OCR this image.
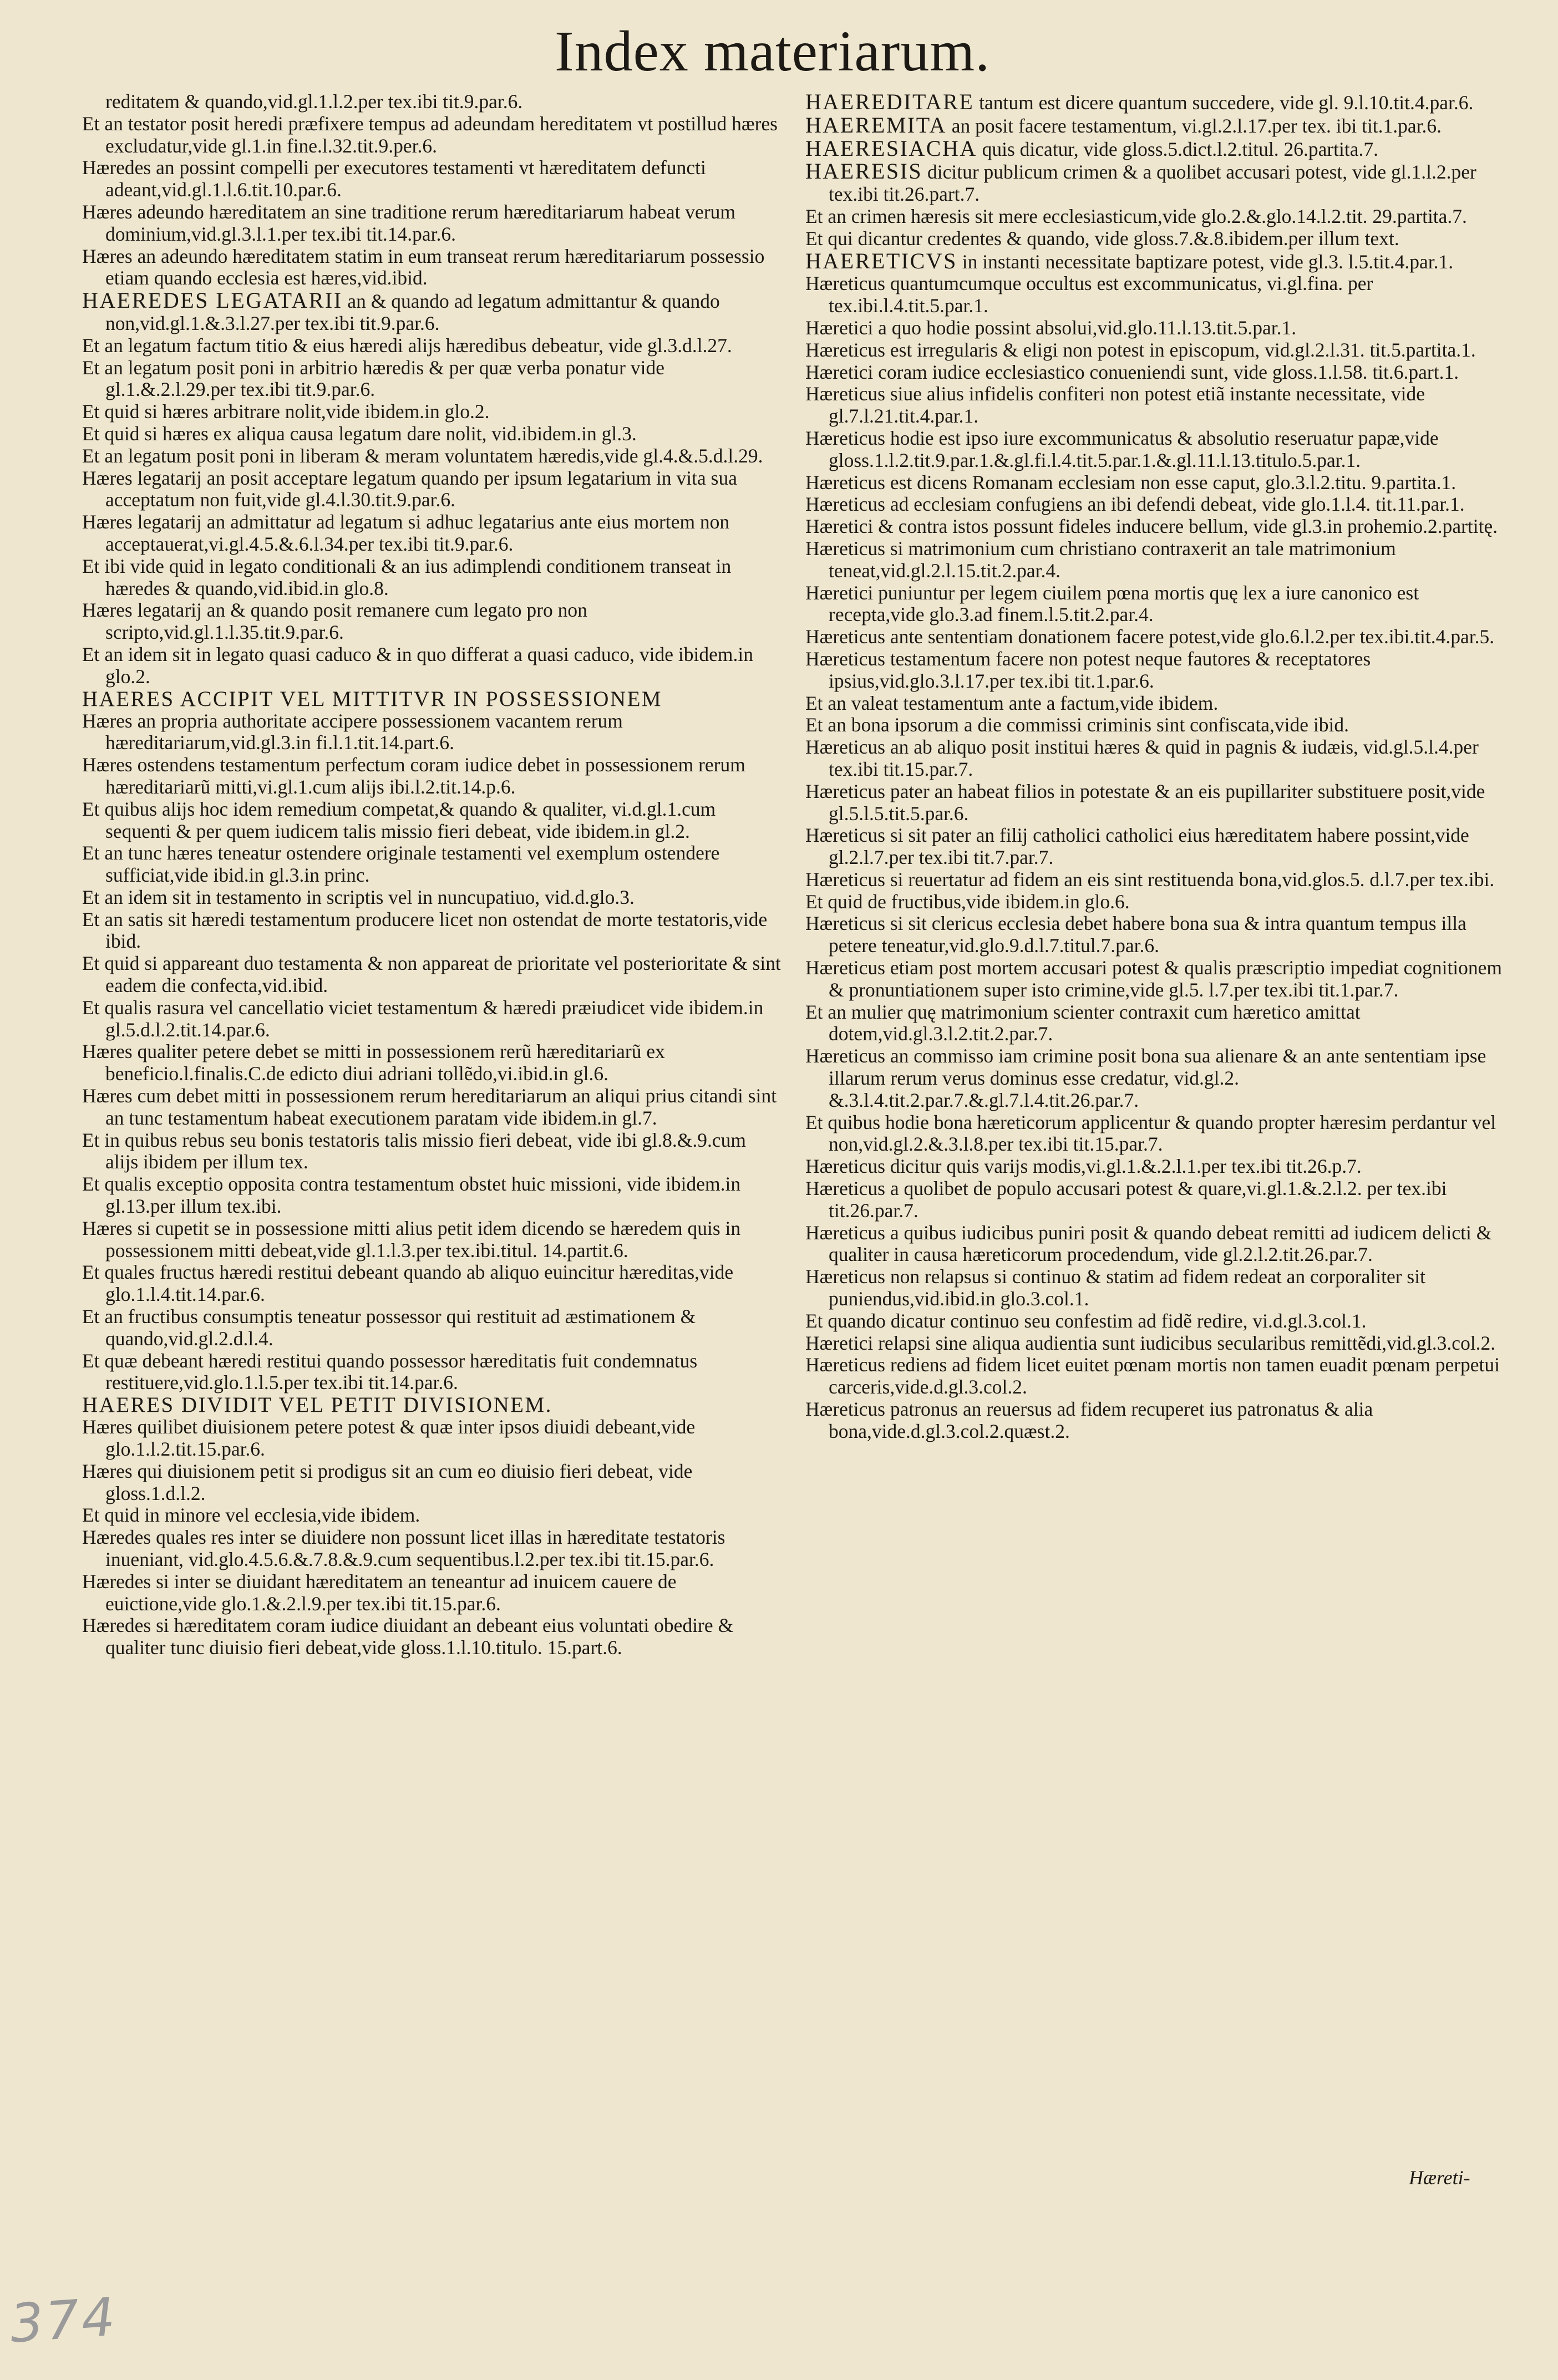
Index materiarum.
reditatem & quando,vid.gl.1.l.2.per tex.ibi tit.9.par.6.
Et an testator posit heredi præfixere tempus ad adeundam hereditatem vt postillud hæres excludatur,vide gl.1.in fine.l.32.tit.9.per.6.
Hæredes an possint compelli per executores testamenti vt hæreditatem defuncti adeant,vid.gl.1.l.6.tit.10.par.6.
Hæres adeundo hæreditatem an sine traditione rerum hæreditariarum habeat verum dominium,vid.gl.3.l.1.per tex.ibi tit.14.par.6.
Hæres an adeundo hæreditatem statim in eum transeat rerum hæreditariarum possessio etiam quando ecclesia est hæres,vid.ibid.
HAEREDES LEGATARII an & quando ad legatum admittantur & quando non,vid.gl.1.&.3.l.27.per tex.ibi tit.9.par.6.
Et an legatum factum titio & eius hæredi alijs hæredibus debeatur, vide gl.3.d.l.27.
Et an legatum posit poni in arbitrio hæredis & per quæ verba ponatur vide gl.1.&.2.l.29.per tex.ibi tit.9.par.6.
Et quid si hæres arbitrare nolit,vide ibidem.in glo.2.
Et quid si hæres ex aliqua causa legatum dare nolit, vid.ibidem.in gl.3.
Et an legatum posit poni in liberam & meram voluntatem hæredis,vide gl.4.&.5.d.l.29.
Hæres legatarij an posit acceptare legatum quando per ipsum legatarium in vita sua acceptatum non fuit,vide gl.4.l.30.tit.9.par.6.
Hæres legatarij an admittatur ad legatum si adhuc legatarius ante eius mortem non acceptauerat,vi.gl.4.5.&.6.l.34.per tex.ibi tit.9.par.6.
Et ibi vide quid in legato conditionali & an ius adimplendi conditionem transeat in hæredes & quando,vid.ibid.in glo.8.
Hæres legatarij an & quando posit remanere cum legato pro non scripto,vid.gl.1.l.35.tit.9.par.6.
Et an idem sit in legato quasi caduco & in quo differat a quasi caduco, vide ibidem.in glo.2.
HAERES ACCIPIT VEL MITTITVR IN POSSESSIONEM
Hæres an propria authoritate accipere possessionem vacantem rerum hæreditariarum,vid.gl.3.in fi.l.1.tit.14.part.6.
Hæres ostendens testamentum perfectum coram iudice debet in possessionem rerum hæreditariarũ mitti,vi.gl.1.cum alijs ibi.l.2.tit.14.p.6.
Et quibus alijs hoc idem remedium competat,& quando & qualiter, vi.d.gl.1.cum sequenti & per quem iudicem talis missio fieri debeat, vide ibidem.in gl.2.
Et an tunc hæres teneatur ostendere originale testamenti vel exemplum ostendere sufficiat,vide ibid.in gl.3.in princ.
Et an idem sit in testamento in scriptis vel in nuncupatiuo, vid.d.glo.3.
Et an satis sit hæredi testamentum producere licet non ostendat de morte testatoris,vide ibid.
Et quid si appareant duo testamenta & non appareat de prioritate vel posterioritate & sint eadem die confecta,vid.ibid.
Et qualis rasura vel cancellatio viciet testamentum & hæredi præiudicet vide ibidem.in gl.5.d.l.2.tit.14.par.6.
Hæres qualiter petere debet se mitti in possessionem rerũ hæreditariarũ ex beneficio.l.finalis.C.de edicto diui adriani tollẽdo,vi.ibid.in gl.6.
Hæres cum debet mitti in possessionem rerum hereditariarum an aliqui prius citandi sint an tunc testamentum habeat executionem paratam vide ibidem.in gl.7.
Et in quibus rebus seu bonis testatoris talis missio fieri debeat, vide ibi gl.8.&.9.cum alijs ibidem per illum tex.
Et qualis exceptio opposita contra testamentum obstet huic missioni, vide ibidem.in gl.13.per illum tex.ibi.
Hæres si cupetit se in possessione mitti alius petit idem dicendo se hæredem quis in possessionem mitti debeat,vide gl.1.l.3.per tex.ibi.titul. 14.partit.6.
Et quales fructus hæredi restitui debeant quando ab aliquo euincitur hæreditas,vide glo.1.l.4.tit.14.par.6.
Et an fructibus consumptis teneatur possessor qui restituit ad æstimationem & quando,vid.gl.2.d.l.4.
Et quæ debeant hæredi restitui quando possessor hæreditatis fuit condemnatus restituere,vid.glo.1.l.5.per tex.ibi tit.14.par.6.
HAERES DIVIDIT VEL PETIT DIVISIONEM.
Hæres quilibet diuisionem petere potest & quæ inter ipsos diuidi debeant,vide glo.1.l.2.tit.15.par.6.
Hæres qui diuisionem petit si prodigus sit an cum eo diuisio fieri debeat, vide gloss.1.d.l.2.
Et quid in minore vel ecclesia,vide ibidem.
Hæredes quales res inter se diuidere non possunt licet illas in hæreditate testatoris inueniant, vid.glo.4.5.6.&.7.8.&.9.cum sequentibus.l.2.per tex.ibi tit.15.par.6.
Hæredes si inter se diuidant hæreditatem an teneantur ad inuicem cauere de euictione,vide glo.1.&.2.l.9.per tex.ibi tit.15.par.6.
Hæredes si hæreditatem coram iudice diuidant an debeant eius voluntati obedire & qualiter tunc diuisio fieri debeat,vide gloss.1.l.10.titulo. 15.part.6.
HAEREDITARE tantum est dicere quantum succedere, vide gl. 9.l.10.tit.4.par.6.
HAEREMITA an posit facere testamentum, vi.gl.2.l.17.per tex. ibi tit.1.par.6.
HAERESIACHA quis dicatur, vide gloss.5.dict.l.2.titul. 26.partita.7.
HAERESIS dicitur publicum crimen & a quolibet accusari potest, vide gl.1.l.2.per tex.ibi tit.26.part.7.
Et an crimen hæresis sit mere ecclesiasticum,vide glo.2.&.glo.14.l.2.tit. 29.partita.7.
Et qui dicantur credentes & quando, vide gloss.7.&.8.ibidem.per illum text.
HAERETICVS in instanti necessitate baptizare potest, vide gl.3. l.5.tit.4.par.1.
Hæreticus quantumcumque occultus est excommunicatus, vi.gl.fina. per tex.ibi.l.4.tit.5.par.1.
Hæretici a quo hodie possint absolui,vid.glo.11.l.13.tit.5.par.1.
Hæreticus est irregularis & eligi non potest in episcopum, vid.gl.2.l.31. tit.5.partita.1.
Hæretici coram iudice ecclesiastico conueniendi sunt, vide gloss.1.l.58. tit.6.part.1.
Hæreticus siue alius infidelis confiteri non potest etiã instante necessitate, vide gl.7.l.21.tit.4.par.1.
Hæreticus hodie est ipso iure excommunicatus & absolutio reseruatur papæ,vide gloss.1.l.2.tit.9.par.1.&.gl.fi.l.4.tit.5.par.1.&.gl.11.l.13.titulo.5.par.1.
Hæreticus est dicens Romanam ecclesiam non esse caput, glo.3.l.2.titu. 9.partita.1.
Hæreticus ad ecclesiam confugiens an ibi defendi debeat, vide glo.1.l.4. tit.11.par.1.
Hæretici & contra istos possunt fideles inducere bellum, vide gl.3.in prohemio.2.partitę.
Hæreticus si matrimonium cum christiano contraxerit an tale matrimonium teneat,vid.gl.2.l.15.tit.2.par.4.
Hæretici puniuntur per legem ciuilem pœna mortis quę lex a iure canonico est recepta,vide glo.3.ad finem.l.5.tit.2.par.4.
Hæreticus ante sententiam donationem facere potest,vide glo.6.l.2.per tex.ibi.tit.4.par.5.
Hæreticus testamentum facere non potest neque fautores & receptatores ipsius,vid.glo.3.l.17.per tex.ibi tit.1.par.6.
Et an valeat testamentum ante a factum,vide ibidem.
Et an bona ipsorum a die commissi criminis sint confiscata,vide ibid.
Hæreticus an ab aliquo posit institui hæres & quid in pagnis & iudæis, vid.gl.5.l.4.per tex.ibi tit.15.par.7.
Hæreticus pater an habeat filios in potestate & an eis pupillariter substituere posit,vide gl.5.l.5.tit.5.par.6.
Hæreticus si sit pater an filij catholici catholici eius hæreditatem habere possint,vide gl.2.l.7.per tex.ibi tit.7.par.7.
Hæreticus si reuertatur ad fidem an eis sint restituenda bona,vid.glos.5. d.l.7.per tex.ibi.
Et quid de fructibus,vide ibidem.in glo.6.
Hæreticus si sit clericus ecclesia debet habere bona sua & intra quantum tempus illa petere teneatur,vid.glo.9.d.l.7.titul.7.par.6.
Hæreticus etiam post mortem accusari potest & qualis præscriptio impediat cognitionem & pronuntiationem super isto crimine,vide gl.5. l.7.per tex.ibi tit.1.par.7.
Et an mulier quę matrimonium scienter contraxit cum hæretico amittat dotem,vid.gl.3.l.2.tit.2.par.7.
Hæreticus an commisso iam crimine posit bona sua alienare & an ante sententiam ipse illarum rerum verus dominus esse credatur, vid.gl.2. &.3.l.4.tit.2.par.7.&.gl.7.l.4.tit.26.par.7.
Et quibus hodie bona hæreticorum applicentur & quando propter hæresim perdantur vel non,vid.gl.2.&.3.l.8.per tex.ibi tit.15.par.7.
Hæreticus dicitur quis varijs modis,vi.gl.1.&.2.l.1.per tex.ibi tit.26.p.7.
Hæreticus a quolibet de populo accusari potest & quare,vi.gl.1.&.2.l.2. per tex.ibi tit.26.par.7.
Hæreticus a quibus iudicibus puniri posit & quando debeat remitti ad iudicem delicti & qualiter in causa hæreticorum procedendum, vide gl.2.l.2.tit.26.par.7.
Hæreticus non relapsus si continuo & statim ad fidem redeat an corporaliter sit puniendus,vid.ibid.in glo.3.col.1.
Et quando dicatur continuo seu confestim ad fidẽ redire, vi.d.gl.3.col.1.
Hæretici relapsi sine aliqua audientia sunt iudicibus secularibus remittẽdi,vid.gl.3.col.2.
Hæreticus rediens ad fidem licet euitet pœnam mortis non tamen euadit pœnam perpetui carceris,vide.d.gl.3.col.2.
Hæreticus patronus an reuersus ad fidem recuperet ius patronatus & alia bona,vide.d.gl.3.col.2.quæst.2.
Hæreti-
374
